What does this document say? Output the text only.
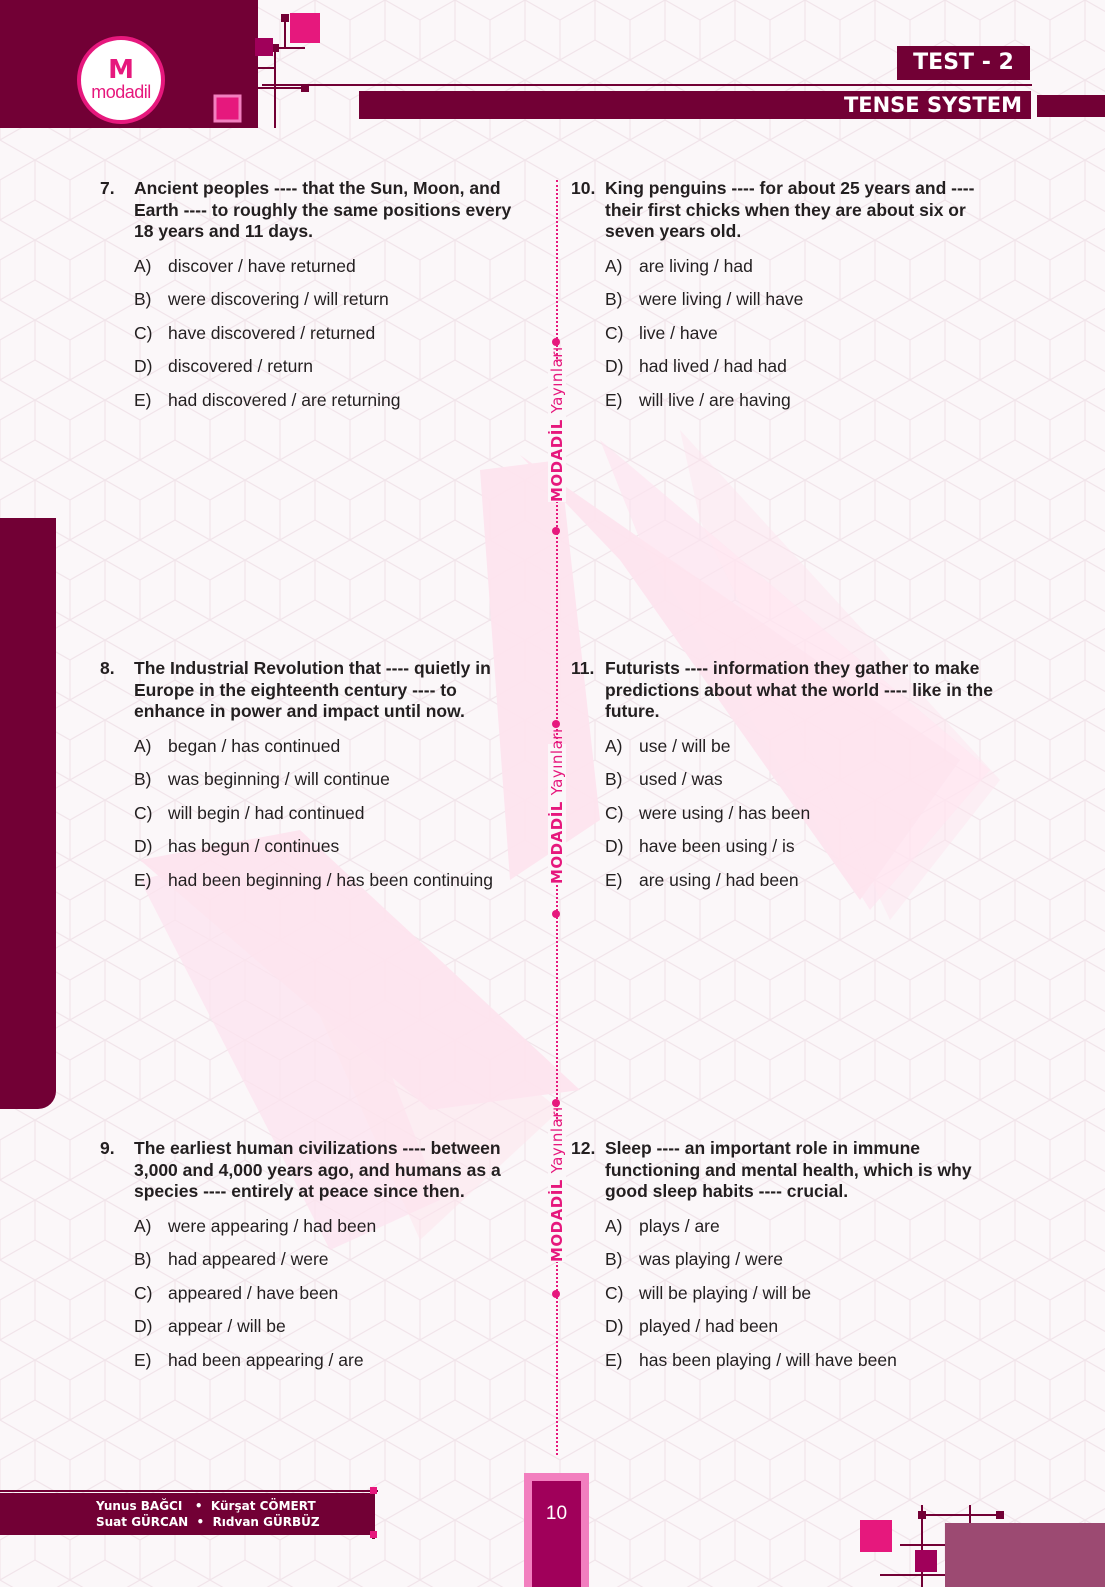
M
modadil
TEST - 2
TENSE SYSTEM
MODADİL Yayınları
MODADİL Yayınları
MODADİL Yayınları
7. Ancient peoples ---- that the Sun, Moon, and Earth ---- to roughly the same positions every 18 years and 11 days.
A) discover / have returned
B) were discovering / will return
C) have discovered / returned
D) discovered / return
E) had discovered / are returning
8. The Industrial Revolution that ---- quietly in Europe in the eighteenth century ---- to enhance in power and impact until now.
A) began / has continued
B) was beginning / will continue
C) will begin / had continued
D) has begun / continues
E) had been beginning / has been continuing
9. The earliest human civilizations ---- between 3,000 and 4,000 years ago, and humans as a species ---- entirely at peace since then.
A) were appearing / had been
B) had appeared / were
C) appeared / have been
D) appear / will be
E) had been appearing / are
10. King penguins ---- for about 25 years and ---- their first chicks when they are about six or seven years old.
A) are living / had
B) were living / will have
C) live / have
D) had lived / had had
E) will live / are having
11. Futurists ---- information they gather to make predictions about what the world ---- like in the future.
A) use / will be
B) used / was
C) were using / has been
D) have been using / is
E) are using / had been
12. Sleep ---- an important role in immune functioning and mental health, which is why good sleep habits ---- crucial.
A) plays / are
B) was playing / were
C) will be playing / will be
D) played / had been
E) has been playing / will have been
Yunus BAĞCI • Kürşat CÖMERT
Suat GÜRCAN • Rıdvan GÜRBÜZ	10
